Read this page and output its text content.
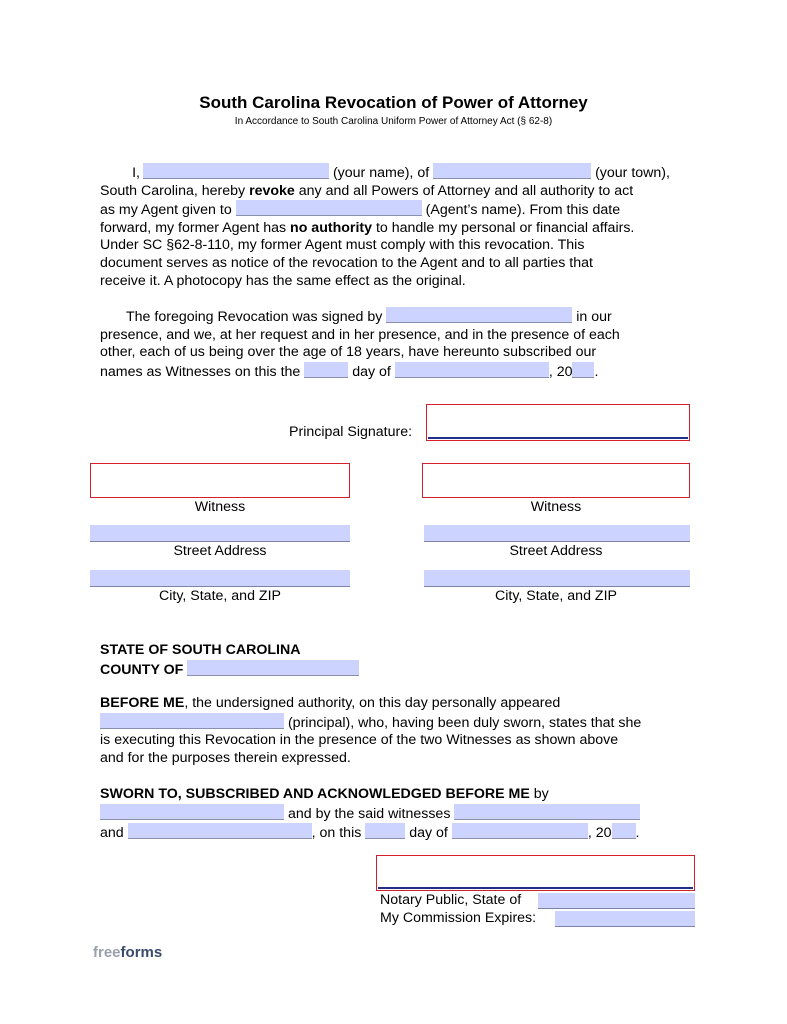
South Carolina Revocation of Power of Attorney
In Accordance to South Carolina Uniform Power of Attorney Act (§ 62-8)
I,	(your name), of	(your town),
South Carolina, hereby revoke any and all Powers of Attorney and all authority to act
as my Agent given to	(Agent’s name). From this date
forward, my former Agent has no authority to handle my personal or financial affairs.
Under SC §62-8-110, my former Agent must comply with this revocation. This
document serves as notice of the revocation to the Agent and to all parties that
receive it. A photocopy has the same effect as the original.
The foregoing Revocation was signed by	in our
presence, and we, at her request and in her presence, and in the presence of each
other, each of us being over the age of 18 years, have hereunto subscribed our
names as Witnesses on this the	day of	, 20 .
Principal Signature:
Witness
Street Address
City, State, and ZIP
Witness
Street Address
City, State, and ZIP
STATE OF SOUTH CAROLINA
COUNTY OF
BEFORE ME, the undersigned authority, on this day personally appeared
(principal), who, having been duly sworn, states that she
is executing this Revocation in the presence of the two Witnesses as shown above
and for the purposes therein expressed.
SWORN TO, SUBSCRIBED AND ACKNOWLEDGED BEFORE ME by
and by the said witnesses
and	, on this	day of	, 20 .
Notary Public, State of
My Commission Expires:
freeforms
